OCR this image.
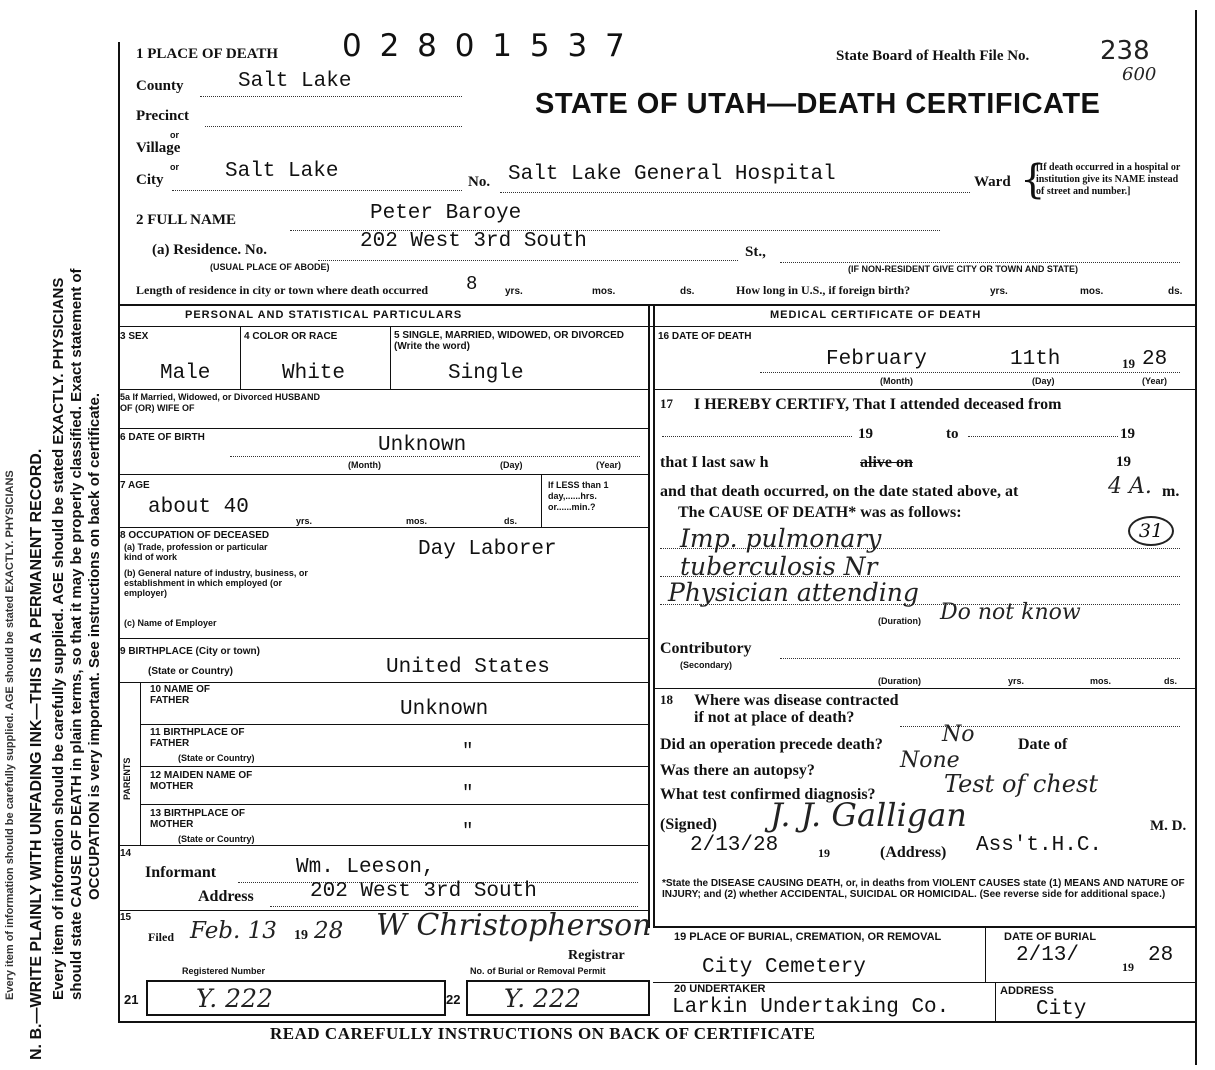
Every item of information should be carefully supplied. AGE should be stated EXACTLY. PHYSICIANS N. B.—WRITE PLAINLY WITH UNFADING INK—THIS IS A PERMANENT RECORD. Every item of information should be carefully supplied. AGE should be stated EXACTLY. PHYSICIANS should state CAUSE OF DEATH in plain terms, so that it may be properly classified. Exact statement of OCCUPATION is very important. See instructions on back of certificate.
1 PLACE OF DEATH 0 2 8 0 1 5 3 7	State Board of Health File No.	238
600
STATE OF UTAH—DEATH CERTIFICATE
County	Salt Lake
Precinct
or
Village
or
City	Salt Lake	No. Salt Lake General Hospital	Ward {
[If death occurred in a hospital or institution give its NAME instead of street and number.]
2 FULL NAME	Peter Baroye
(a) Residence. No.	202 West 3rd South	St.,
(USUAL PLACE OF ABODE)	(IF NON-RESIDENT GIVE CITY OR TOWN AND STATE)
Length of residence in city or town where death occurred 8	yrs.	mos.	ds.	How long in U.S., if foreign birth?	yrs.	mos.	ds.
PERSONAL AND STATISTICAL PARTICULARS
3 SEX
Male
4 COLOR OR RACE
White
5 SINGLE, MARRIED, WIDOWED, OR DIVORCED (Write the word)
Single
5a If Married, Widowed, or Divorced HUSBAND OF (OR) WIFE OF
6 DATE OF BIRTH	Unknown
(Month)	(Day)	(Year)
7 AGE
about 40
yrs.	mos.	ds.
If LESS than 1 day,......hrs. or......min.?
8 OCCUPATION OF DECEASED
(a) Trade, profession or particular kind of work	Day Laborer
(b) General nature of industry, business, or establishment in which employed (or employer)
(c) Name of Employer
9 BIRTHPLACE (City or town)
(State or Country)	United States
PARENTS
10 NAME OF FATHER	Unknown
11 BIRTHPLACE OF FATHER
(State or Country)	"
12 MAIDEN NAME OF MOTHER	"
13 BIRTHPLACE OF MOTHER
(State or Country)	"
14
Informant	Wm. Leeson,
Address	202 West 3rd South
15
Filed Feb. 13 19 28 W Christopherson
Registrar
Registered Number	No. of Burial or Removal Permit
21 Y. 222	22 Y. 222
MEDICAL CERTIFICATE OF DEATH
16 DATE OF DEATH
February	11th	19 28
(Month)	(Day)	(Year)
17 I HEREBY CERTIFY, That I attended deceased from
19	to	19
that I last saw h	alive on	19
and that death occurred, on the date stated above, at	4 A. m.
The CAUSE OF DEATH* was as follows:
31
Imp. pulmonary
tuberculosis Nr
Physician attending
(Duration) Do not know
Contributory
(Secondary)
(Duration)	yrs.	mos.	ds.
18 Where was disease contracted
if not at place of death?
Did an operation precede death?	No	Date of
Was there an autopsy?	None
What test confirmed diagnosis?	Test of chest
(Signed) J. J. Galligan	M. D.
2/13/28	19	(Address) Ass't.H.C.
*State the DISEASE CAUSING DEATH, or, in deaths from VIOLENT CAUSES state (1) MEANS AND NATURE OF INJURY; and (2) whether ACCIDENTAL, SUICIDAL OR HOMICIDAL. (See reverse side for additional space.)
19 PLACE OF BURIAL, CREMATION, OR REMOVAL
City Cemetery
DATE OF BURIAL
2/13/	19 28
20 UNDERTAKER
Larkin Undertaking Co.
ADDRESS
City
READ CAREFULLY INSTRUCTIONS ON BACK OF CERTIFICATE
